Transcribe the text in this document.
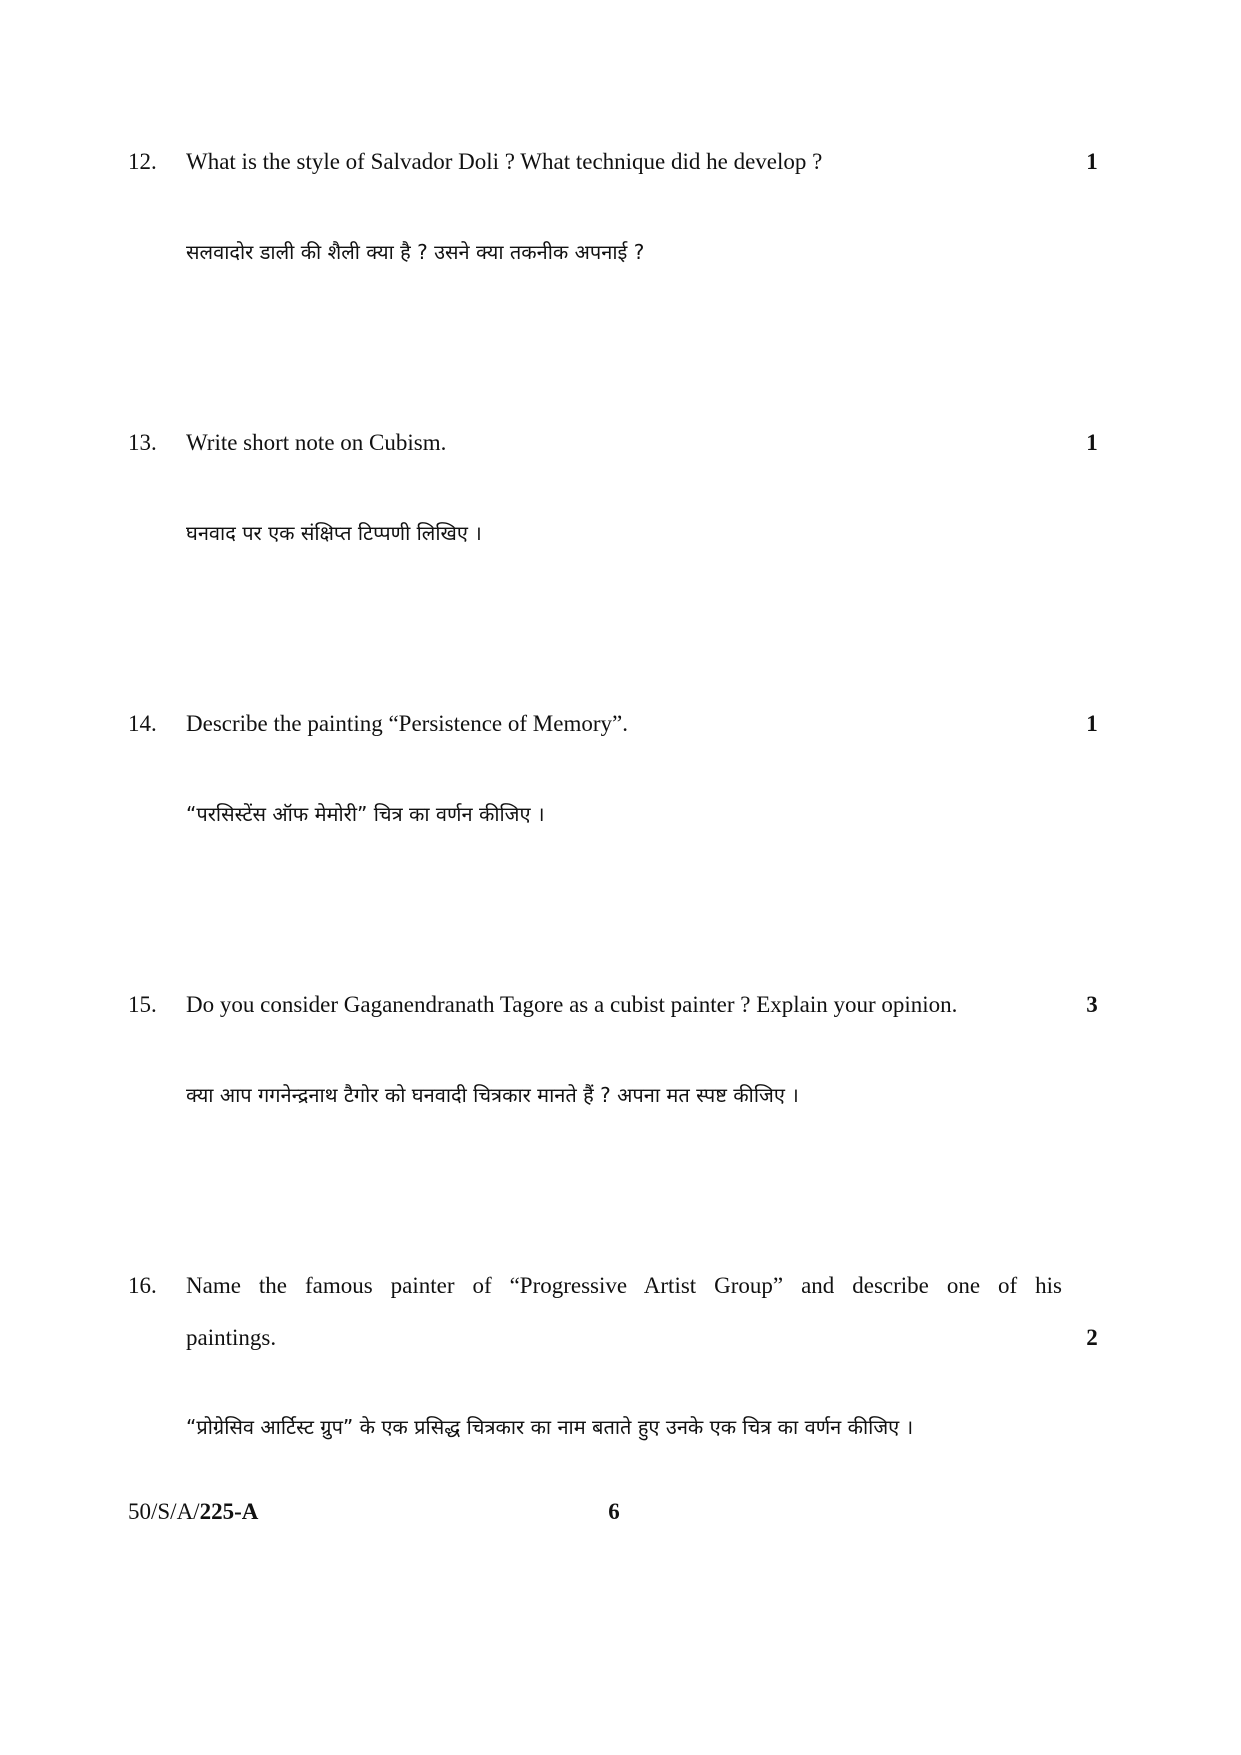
12. What is the style of Salvador Doli ? What technique did he develop ?	1
सलवादोर डाली की शैली क्या है ? उसने क्या तकनीक अपनाई ?
13. Write short note on Cubism.	1
घनवाद पर एक संक्षिप्त टिप्पणी लिखिए ।
14. Describe the painting “Persistence of Memory”.	1
“परसिस्टेंस ऑफ मेमोरी” चित्र का वर्णन कीजिए ।
15. Do you consider Gaganendranath Tagore as a cubist painter ? Explain your opinion.	3
क्या आप गगनेन्द्रनाथ टैगोर को घनवादी चित्रकार मानते हैं ? अपना मत स्पष्ट कीजिए ।
16. Name the famous painter of “Progressive Artist Group” and describe one of his
paintings.	2
“प्रोग्रेसिव आर्टिस्ट ग्रुप” के एक प्रसिद्ध चित्रकार का नाम बताते हुए उनके एक चित्र का वर्णन कीजिए ।
50/S/A/225-A	6
